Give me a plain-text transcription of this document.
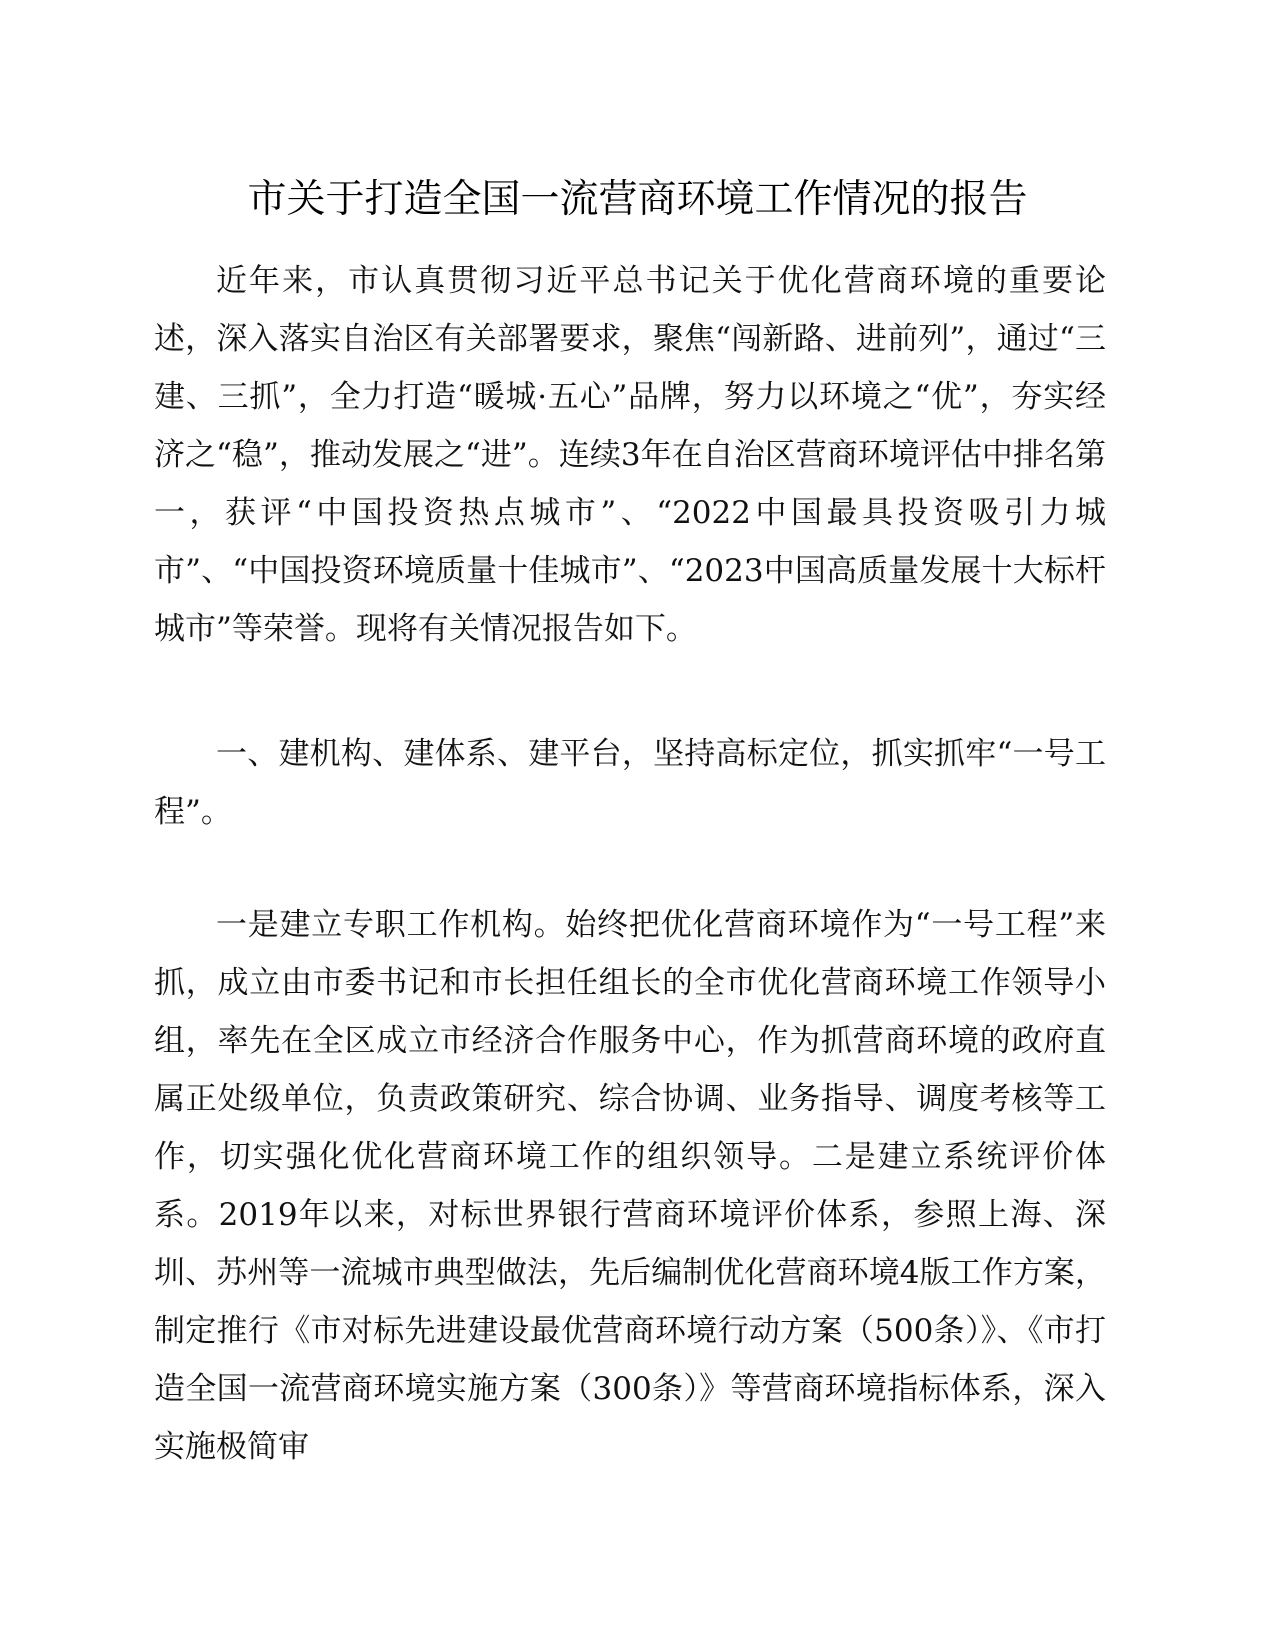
市关于打造全国一流营商环境工作情况的报告

近年来，市认真贯彻习近平总书记关于优化营商环境的重要论述，深入落实自治区有关部署要求，聚焦“闯新路、进前列”，通过“三建、三抓”，全力打造“暖城·五心”品牌，努力以环境之“优”，夯实经济之“稳”，推动发展之“进”。连续3年在自治区营商环境评估中排名第一，获评“中国投资热点城市”、“2022中国最具投资吸引力城市”、“中国投资环境质量十佳城市”、“2023中国高质量发展十大标杆城市”等荣誉。现将有关情况报告如下。

一、建机构、建体系、建平台，坚持高标定位，抓实抓牢“一号工程”。

一是建立专职工作机构。始终把优化营商环境作为“一号工程”来抓，成立由市委书记和市长担任组长的全市优化营商环境工作领导小组，率先在全区成立市经济合作服务中心，作为抓营商环境的政府直属正处级单位，负责政策研究、综合协调、业务指导、调度考核等工作，切实强化优化营商环境工作的组织领导。二是建立系统评价体系。2019年以来，对标世界银行营商环境评价体系，参照上海、深圳、苏州等一流城市典型做法，先后编制优化营商环境4版工作方案，制定推行《市对标先进建设最优营商环境行动方案（500条）》、《市打造全国一流营商环境实施方案（300条）》等营商环境指标体系，深入实施极简审
